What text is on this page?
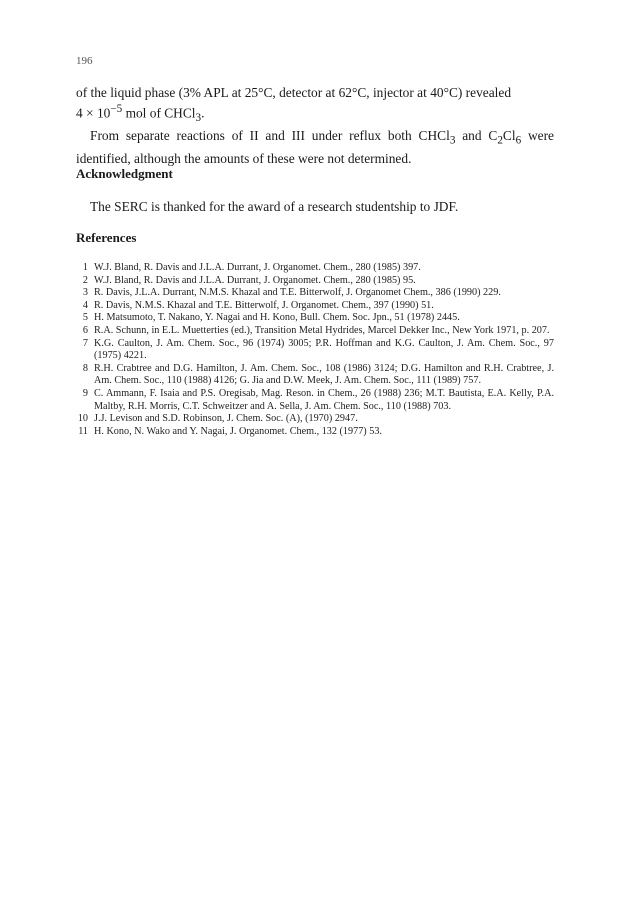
196

of the liquid phase (3% APL at 25°C, detector at 62°C, injector at 40°C) revealed
$4 \times 10^{-5}$ mol of CHCl$_3$.

From separate reactions of II and III under reflux both CHCl$_3$ and $C_2Cl_6$ were identified, although the amounts of these were not determined.

Acknowledgment
The SERC is thanked for the award of a research studentship to JDF.
References
1 W.J. Bland, R. Davis and J.L.A. Durrant, J. Organomet. Chem., 280 (1985) 397.
2 W.J. Bland, R. Davis and J.L.A. Durrant, J. Organomet. Chem., 280 (1985) 95.
3 R. Davis, J.L.A. Durrant, N.M.S. Khazal and T.E. Bitterwolf, J. Organomet Chem., 386 (1990) 229.
4 R. Davis, N.M.S. Khazal and T.E. Bitterwolf, J. Organomet. Chem., 397 (1990) 51.
5 H. Matsumoto, T. Nakano, Y. Nagai and H. Kono, Bull. Chem. Soc. Jpn., 51 (1978) 2445.
6 R.A. Schunn, in E.L. Muetterties (ed.), Transition Metal Hydrides, Marcel Dekker Inc., New York 1971, p. 207.
7 K.G. Caulton, J. Am. Chem. Soc., 96 (1974) 3005; P.R. Hoffman and K.G. Caulton, J. Am. Chem. Soc., 97 (1975) 4221.
8 R.H. Crabtree and D.G. Hamilton, J. Am. Chem. Soc., 108 (1986) 3124; D.G. Hamilton and R.H. Crabtree, J. Am. Chem. Soc., 110 (1988) 4126; G. Jia and D.W. Meek, J. Am. Chem. Soc., 111 (1989) 757.
9 C. Ammann, F. Isaia and P.S. Oregisab, Mag. Reson. in Chem., 26 (1988) 236; M.T. Bautista, E.A. Kelly, P.A. Maltby, R.H. Morris, C.T. Schweitzer and A. Sella, J. Am. Chem. Soc., 110 (1988) 703.
10 J.J. Levison and S.D. Robinson, J. Chem. Soc. (A), (1970) 2947.
11 H. Kono, N. Wako and Y. Nagai, J. Organomet. Chem., 132 (1977) 53.
